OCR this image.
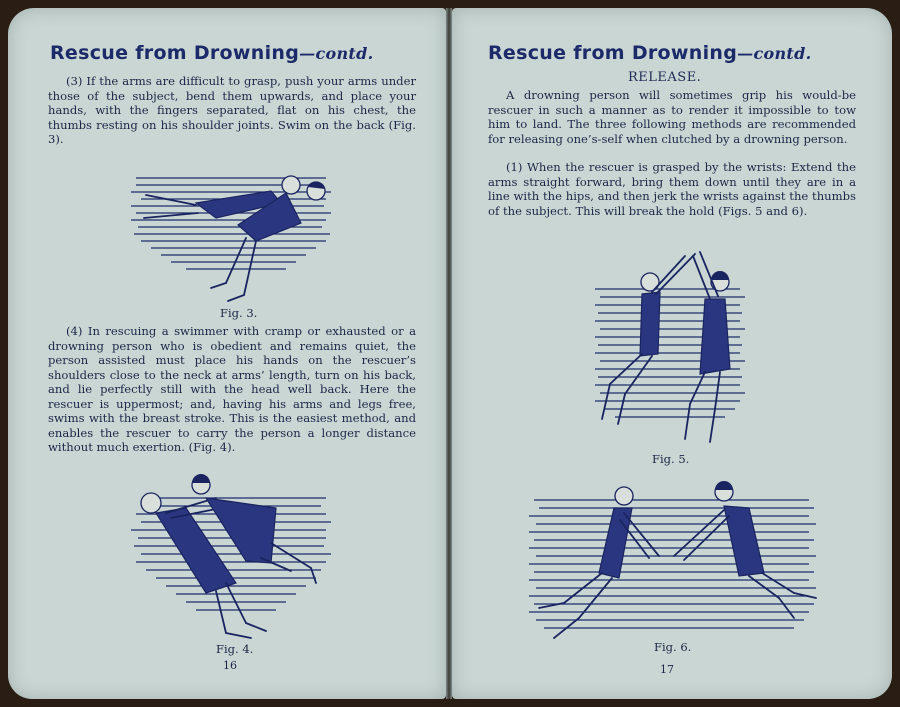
Rescue from Drowning—contd.

(3) If the arms are difficult to grasp, push your arms under those of the subject, bend them upwards, and place your hands, with the fingers separated, flat on his chest, the thumbs resting on his shoulder joints. Swim on the back (Fig. 3).

Fig. 3.

(4) In rescuing a swimmer with cramp or exhausted or a drowning person who is obedient and remains quiet, the person assisted must place his hands on the rescuer’s shoulders close to the neck at arms’ length, turn on his back, and lie perfectly still with the head well back. Here the rescuer is uppermost; and, having his arms and legs free, swims with the breast stroke. This is the easiest method, and enables the rescuer to carry the person a longer distance without much exertion. (Fig. 4).

Fig. 4.
16
Rescue from Drowning—contd.
RELEASE.

A drowning person will sometimes grip his would-be rescuer in such a manner as to render it impossible to tow him to land. The three following methods are recommended for releasing one’s-self when clutched by a drowning person.

(1) When the rescuer is grasped by the wrists: Extend the arms straight forward, bring them down until they are in a line with the hips, and then jerk the wrists against the thumbs of the subject. This will break the hold (Figs. 5 and 6).

Fig. 5.
Fig. 6.
17
